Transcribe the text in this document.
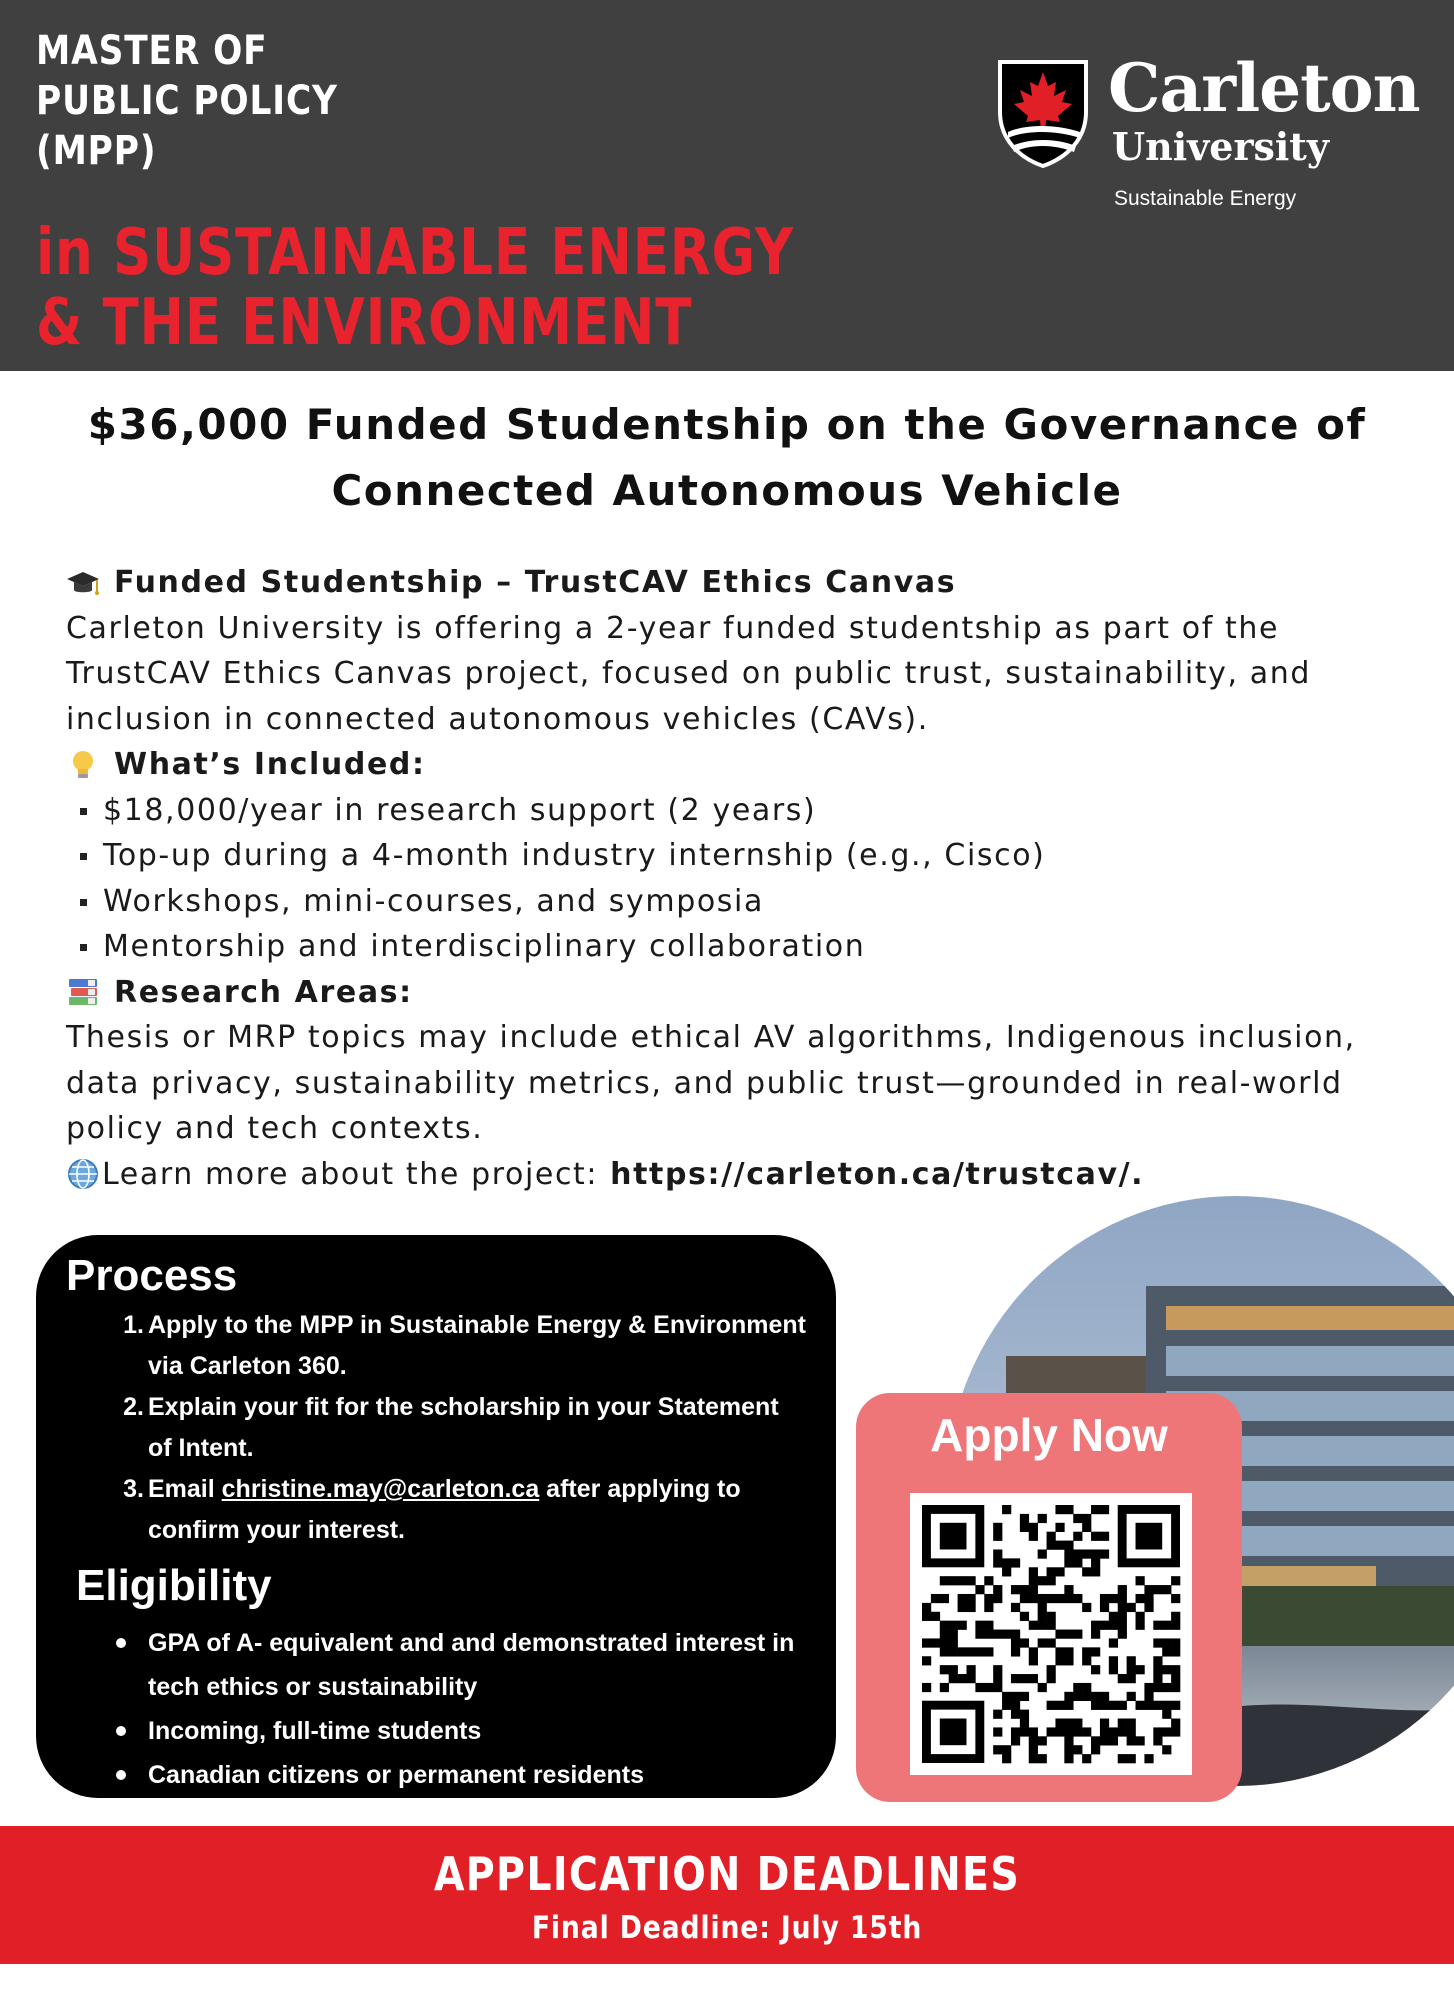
MASTER OF
PUBLIC POLICY
(MPP)
in SUSTAINABLE ENERGY
& THE ENVIRONMENT
Carleton
University
Sustainable Energy
$36,000 Funded Studentship on the Governance of
Connected Autonomous Vehicle
Funded Studentship – TrustCAV Ethics Canvas

Carleton University is offering a 2-year funded studentship as part of the TrustCAV Ethics Canvas project, focused on public trust, sustainability, and inclusion in connected autonomous vehicles (CAVs).

What’s Included:
$18,000/year in research support (2 years)
Top-up during a 4-month industry internship (e.g., Cisco)
Workshops, mini-courses, and symposia
Mentorship and interdisciplinary collaboration
Research Areas:

Thesis or MRP topics may include ethical AV algorithms, Indigenous inclusion, data privacy, sustainability metrics, and public trust—grounded in real-world policy and tech contexts.

Learn more about the project: https://carleton.ca/trustcav/.
Process
1 . Apply to the MPP in Sustainable Energy & Environment via Carleton 360.
2 . Explain your fit for the scholarship in your Statement of Intent.
3 . Email christine.may@carleton.ca after applying to confirm your interest.
Eligibility
GPA of A- equivalent and and demonstrated interest in tech ethics or sustainability
Incoming, full-time students
Canadian citizens or permanent residents
Apply Now
APPLICATION DEADLINES
Final Deadline: July 15th
